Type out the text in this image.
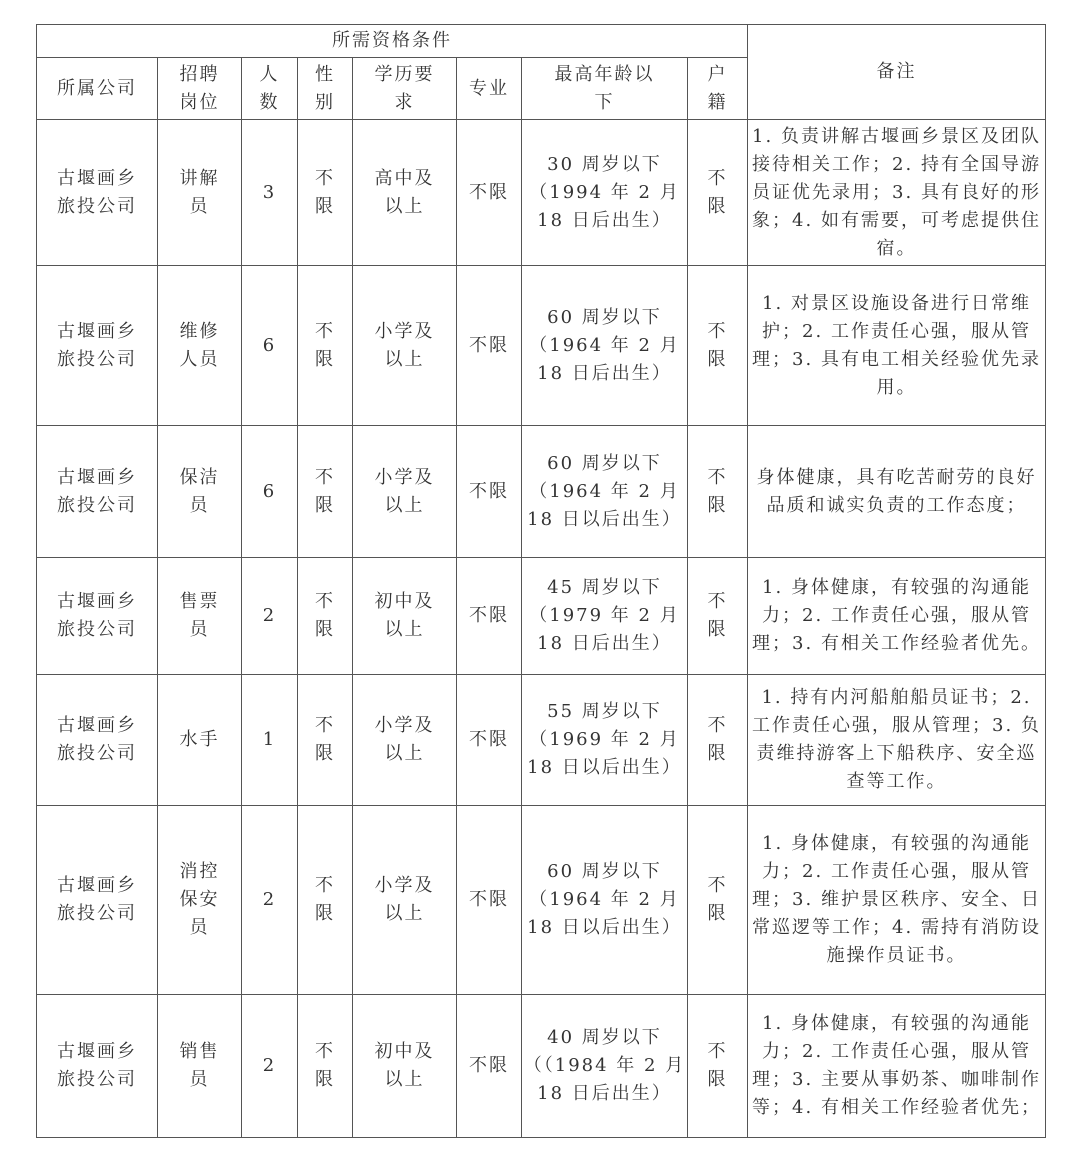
所需资格条件								备注
所属公司	招聘岗位	人数	性别	学历要求	专业	最高年龄以下	户籍	
古堰画乡旅投公司	讲解员	3	不限	高中及以上	不限	30 周岁以下（1994 年 2 月 18 日后出生）	不限	1. 负责讲解古堰画乡景区及团队接待相关工作；2. 持有全国导游员证优先录用；3. 具有良好的形象；4. 如有需要，可考虑提供住宿。
古堰画乡旅投公司	维修人员	6	不限	小学及以上	不限	60 周岁以下（1964 年 2 月 18 日后出生）	不限	1. 对景区设施设备进行日常维护；2. 工作责任心强，服从管理；3. 具有电工相关经验优先录用。
古堰画乡旅投公司	保洁员	6	不限	小学及以上	不限	60 周岁以下（1964 年 2 月 18 日以后出生）	不限	身体健康，具有吃苦耐劳的良好品质和诚实负责的工作态度；
古堰画乡旅投公司	售票员	2	不限	初中及以上	不限	45 周岁以下（1979 年 2 月 18 日后出生）	不限	1. 身体健康，有较强的沟通能力；2. 工作责任心强，服从管理；3. 有相关工作经验者优先。
古堰画乡旅投公司	水手	1	不限	小学及以上	不限	55 周岁以下（1969 年 2 月 18 日以后出生）	不限	1. 持有内河船舶船员证书；2. 工作责任心强，服从管理；3. 负责维持游客上下船秩序、安全巡查等工作。
古堰画乡旅投公司	消控保安员	2	不限	小学及以上	不限	60 周岁以下（1964 年 2 月 18 日以后出生）	不限	1. 身体健康，有较强的沟通能力；2. 工作责任心强，服从管理；3. 维护景区秩序、安全、日常巡逻等工作；4. 需持有消防设施操作员证书。
古堰画乡旅投公司	销售员	2	不限	初中及以上	不限	40 周岁以下（（1984 年 2 月 18 日后出生）	不限	1. 身体健康，有较强的沟通能力；2. 工作责任心强，服从管理；3. 主要从事奶茶、咖啡制作等；4. 有相关工作经验者优先；
